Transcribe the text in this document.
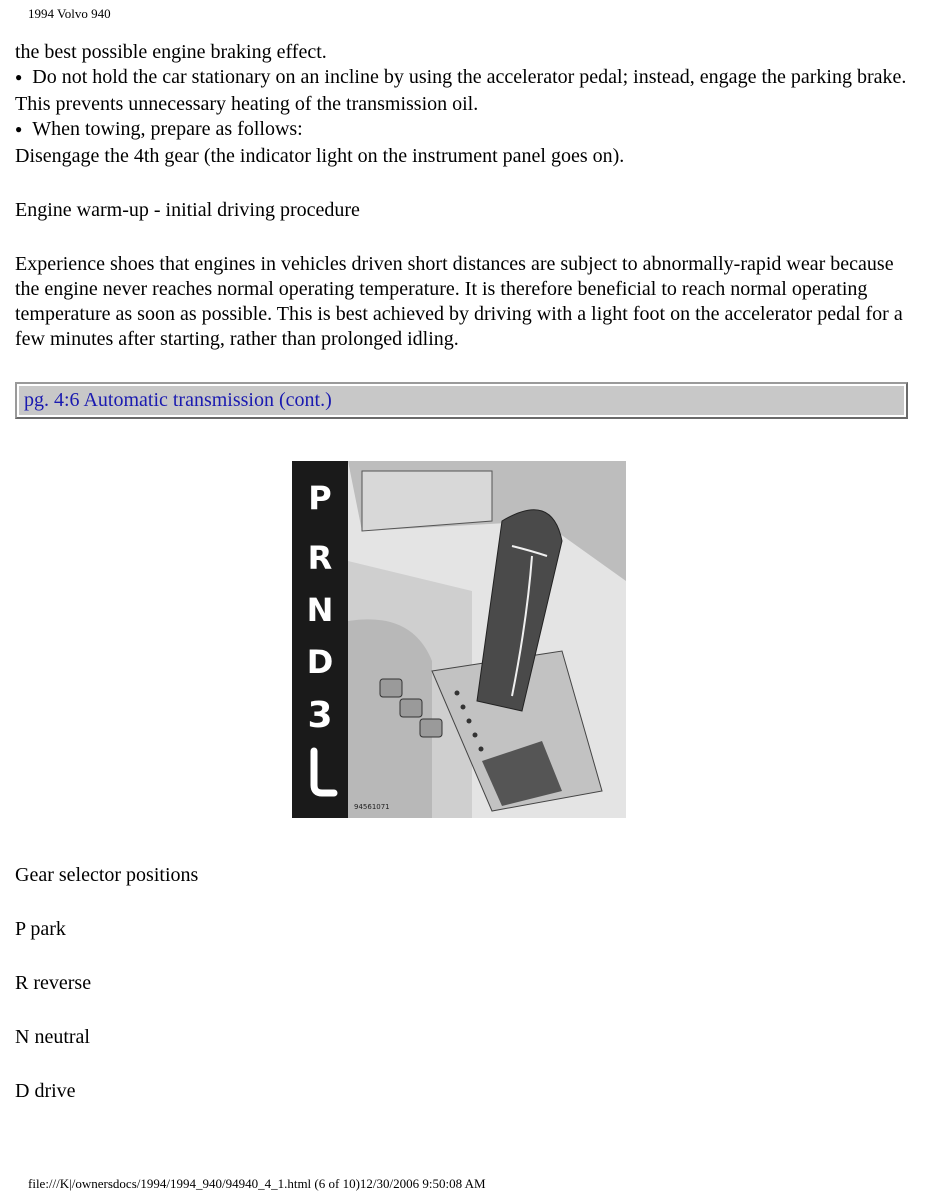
1994 Volvo 940

the best possible engine braking effect.

● Do not hold the car stationary on an incline by using the accelerator pedal; instead, engage the parking brake. This prevents unnecessary heating of the transmission oil.

● When towing, prepare as follows:

Disengage the 4th gear (the indicator light on the instrument panel goes on).

Engine warm-up - initial driving procedure

Experience shoes that engines in vehicles driven short distances are subject to abnormally-rapid wear because the engine never reaches normal operating temperature. It is therefore beneficial to reach normal operating temperature as soon as possible. This is best achieved by driving with a light foot on the accelerator pedal for a few minutes after starting, rather than prolonged idling.

pg. 4:6 Automatic transmission (cont.)
P
R
N
D
3
94561071
Gear selector positions
P park
R reverse
N neutral
D drive
file:///K|/ownersdocs/1994/1994_940/94940_4_1.html (6 of 10)12/30/2006 9:50:08 AM
